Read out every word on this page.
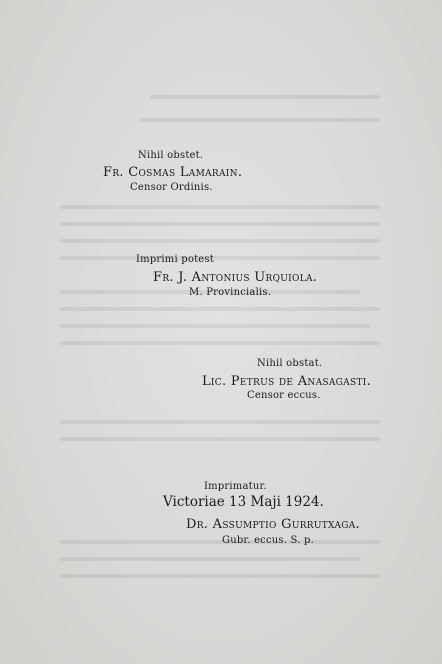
Nihil obstet.
Fr. Cosmas Lamarain.
Censor Ordinis.
Imprimi potest
Fr. J. Antonius Urquiola.
M. Provincialis.
Nihil obstat.
Lic. Petrus de Anasagasti.
Censor eccus.
Imprimatur.
Victoriae 13 Maji 1924.
Dr. Assumptio Gurrutxaga.
Gubr. eccus. S. p.
